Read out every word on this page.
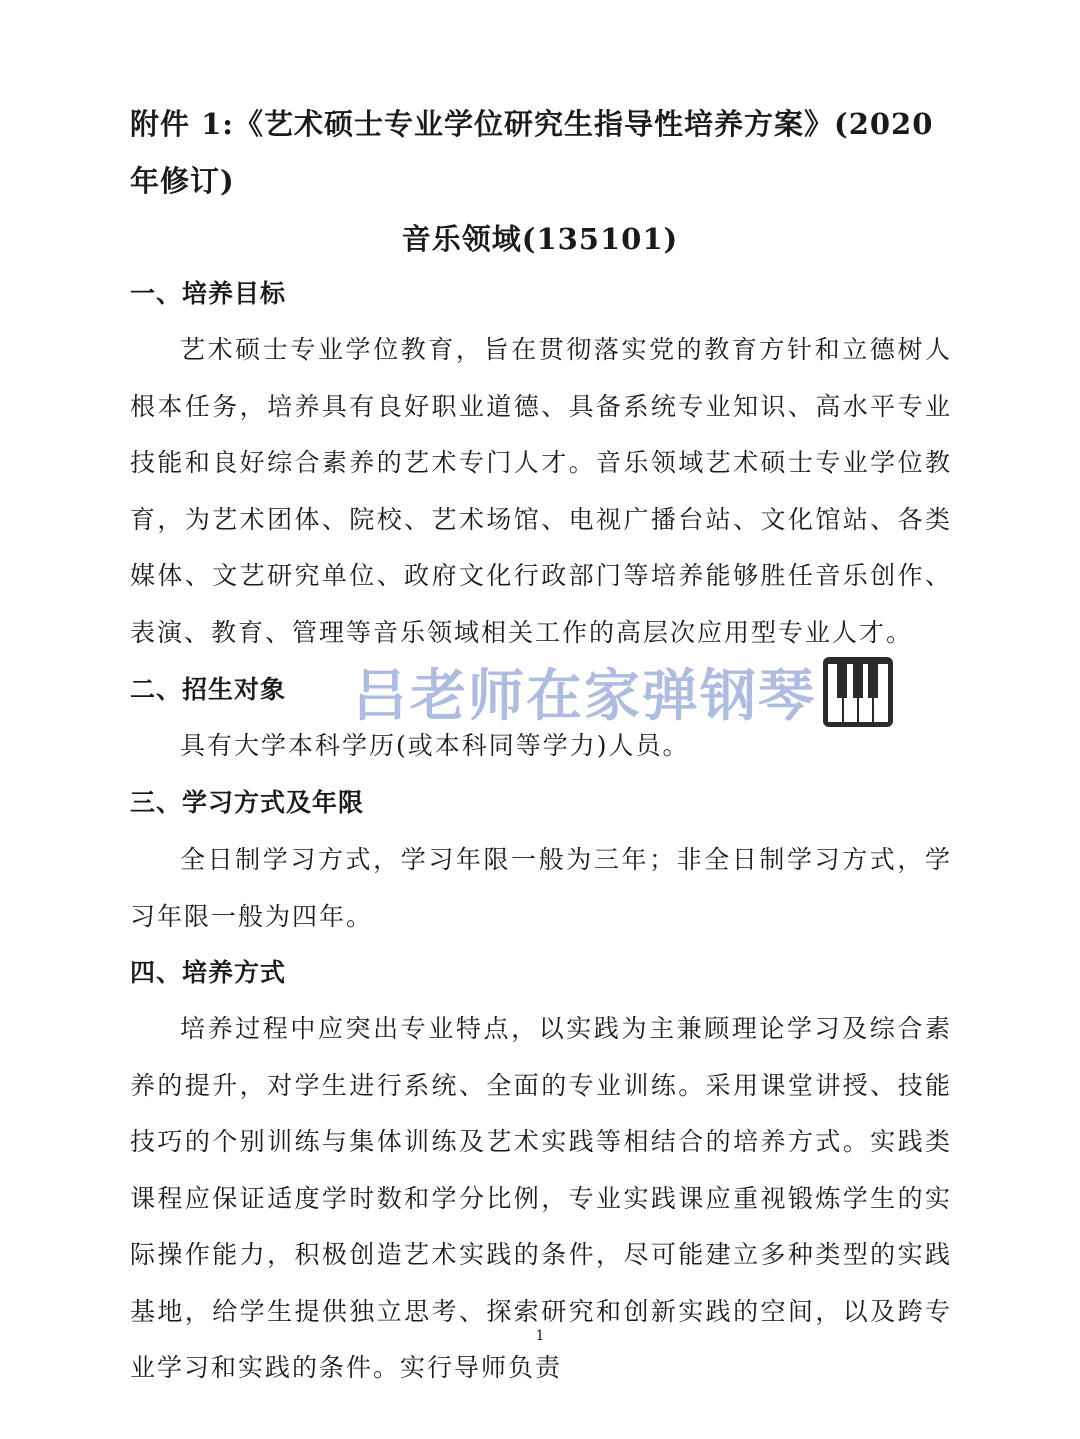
附件 1:《艺术硕士专业学位研究生指导性培养方案》(2020 年修订)
音乐领域(135101)
一、培养目标

艺术硕士专业学位教育，旨在贯彻落实党的教育方针和立德树人根本任务，培养具有良好职业道德、具备系统专业知识、高水平专业技能和良好综合素养的艺术专门人才。音乐领域艺术硕士专业学位教育，为艺术团体、院校、艺术场馆、电视广播台站、文化馆站、各类媒体、文艺研究单位、政府文化行政部门等培养能够胜任音乐创作、表演、教育、管理等音乐领域相关工作的高层次应用型专业人才。

二、招生对象

具有大学本科学历(或本科同等学力)人员。

三、学习方式及年限

全日制学习方式，学习年限一般为三年；非全日制学习方式，学习年限一般为四年。

四、培养方式

培养过程中应突出专业特点，以实践为主兼顾理论学习及综合素养的提升，对学生进行系统、全面的专业训练。采用课堂讲授、技能技巧的个别训练与集体训练及艺术实践等相结合的培养方式。实践类课程应保证适度学时数和学分比例，专业实践课应重视锻炼学生的实际操作能力，积极创造艺术实践的条件，尽可能建立多种类型的实践基地，给学生提供独立思考、探索研究和创新实践的空间，以及跨专业学习和实践的条件。实行导师负责

吕老师在家弹钢琴

1
